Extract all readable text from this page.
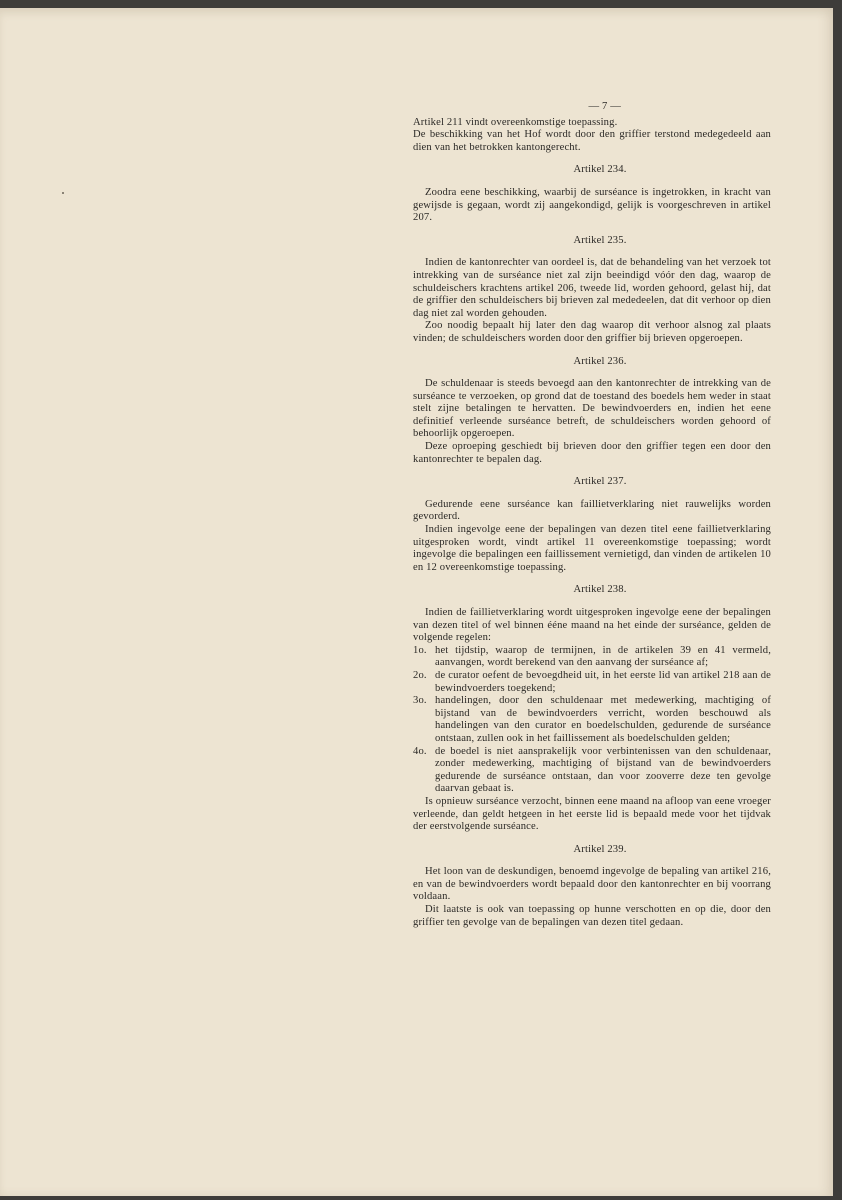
— 7 —

Artikel 211 vindt overeenkomstige toepassing.

De beschikking van het Hof wordt door den griffier terstond medegedeeld aan dien van het betrokken kantongerecht.

Artikel 234.

Zoodra eene beschikking, waarbij de surséance is ingetrokken, in kracht van gewijsde is gegaan, wordt zij aangekondigd, gelijk is voorgeschreven in artikel 207.

Artikel 235.

Indien de kantonrechter van oordeel is, dat de behandeling van het verzoek tot intrekking van de surséance niet zal zijn beeindigd vóór den dag, waarop de schuldeischers krachtens artikel 206, tweede lid, worden gehoord, gelast hij, dat de griffier den schuldeischers bij brieven zal mededeelen, dat dit verhoor op dien dag niet zal worden gehouden.

Zoo noodig bepaalt hij later den dag waarop dit verhoor alsnog zal plaats vinden; de schuldeischers worden door den griffier bij brieven opgeroepen.

Artikel 236.

De schuldenaar is steeds bevoegd aan den kantonrechter de intrekking van de surséance te verzoeken, op grond dat de toestand des boedels hem weder in staat stelt zijne betalingen te hervatten. De bewindvoerders en, indien het eene definitief verleende surséance betreft, de schuldeischers worden gehoord of behoorlijk opgeroepen.

Deze oproeping geschiedt bij brieven door den griffier tegen een door den kantonrechter te bepalen dag.

Artikel 237.

Gedurende eene surséance kan faillietverklaring niet rauwelijks worden gevorderd.

Indien ingevolge eene der bepalingen van dezen titel eene faillietverklaring uitgesproken wordt, vindt artikel 11 overeenkomstige toepassing; wordt ingevolge die bepalingen een faillissement vernietigd, dan vinden de artikelen 10 en 12 overeenkomstige toepassing.

Artikel 238.

Indien de faillietverklaring wordt uitgesproken ingevolge eene der bepalingen van dezen titel of wel binnen ééne maand na het einde der surséance, gelden de volgende regelen:

1o. het tijdstip, waarop de termijnen, in de artikelen 39 en 41 vermeld, aanvangen, wordt berekend van den aanvang der surséance af;
2o. de curator oefent de bevoegdheid uit, in het eerste lid van artikel 218 aan de bewindvoerders toegekend;
3o. handelingen, door den schuldenaar met medewerking, machtiging of bijstand van de bewindvoerders verricht, worden beschouwd als handelingen van den curator en boedelschulden, gedurende de surséance ontstaan, zullen ook in het faillissement als boedelschulden gelden;
4o. de boedel is niet aansprakelijk voor verbintenissen van den schuldenaar, zonder medewerking, machtiging of bijstand van de bewindvoerders gedurende de surséance ontstaan, dan voor zooverre deze ten gevolge daarvan gebaat is.

Is opnieuw surséance verzocht, binnen eene maand na afloop van eene vroeger verleende, dan geldt hetgeen in het eerste lid is bepaald mede voor het tijdvak der eerstvolgende surséance.

Artikel 239.

Het loon van de deskundigen, benoemd ingevolge de bepaling van artikel 216, en van de bewindvoerders wordt bepaald door den kantonrechter en bij voorrang voldaan.

Dit laatste is ook van toepassing op hunne verschotten en op die, door den griffier ten gevolge van de bepalingen van dezen titel gedaan.
